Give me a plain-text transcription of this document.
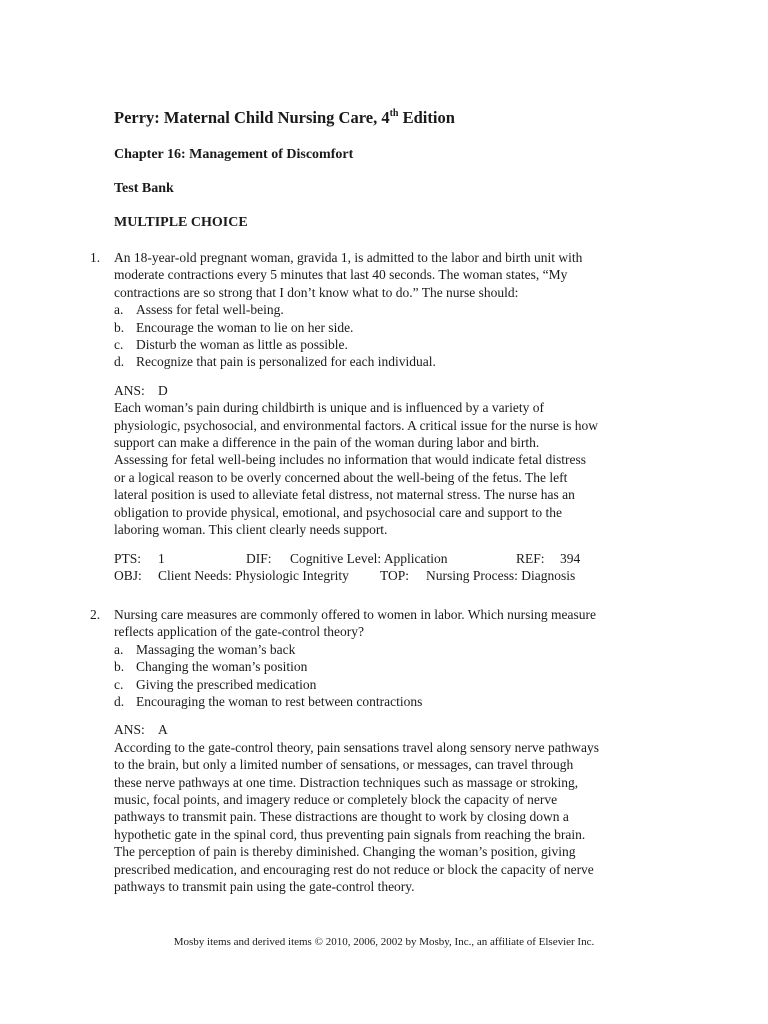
Perry: Maternal Child Nursing Care, 4th Edition
Chapter 16: Management of Discomfort
Test Bank
MULTIPLE CHOICE
1. An 18-year-old pregnant woman, gravida 1, is admitted to the labor and birth unit with
moderate contractions every 5 minutes that last 40 seconds. The woman states, “My
contractions are so strong that I don’t know what to do.” The nurse should:
a. Assess for fetal well-being.
b. Encourage the woman to lie on her side.
c. Disturb the woman as little as possible.
d. Recognize that pain is personalized for each individual.
ANS: D
Each woman’s pain during childbirth is unique and is influenced by a variety of
physiologic, psychosocial, and environmental factors. A critical issue for the nurse is how
support can make a difference in the pain of the woman during labor and birth.
Assessing for fetal well-being includes no information that would indicate fetal distress
or a logical reason to be overly concerned about the well-being of the fetus. The left
lateral position is used to alleviate fetal distress, not maternal stress. The nurse has an
obligation to provide physical, emotional, and psychosocial care and support to the
laboring woman. This client clearly needs support.
PTS: 1	DIF: Cognitive Level: Application	REF: 394
OBJ: Client Needs: Physiologic Integrity TOP: Nursing Process: Diagnosis
2. Nursing care measures are commonly offered to women in labor. Which nursing measure
reflects application of the gate-control theory?
a. Massaging the woman’s back
b. Changing the woman’s position
c. Giving the prescribed medication
d. Encouraging the woman to rest between contractions
ANS: A
According to the gate-control theory, pain sensations travel along sensory nerve pathways
to the brain, but only a limited number of sensations, or messages, can travel through
these nerve pathways at one time. Distraction techniques such as massage or stroking,
music, focal points, and imagery reduce or completely block the capacity of nerve
pathways to transmit pain. These distractions are thought to work by closing down a
hypothetic gate in the spinal cord, thus preventing pain signals from reaching the brain.
The perception of pain is thereby diminished. Changing the woman’s position, giving
prescribed medication, and encouraging rest do not reduce or block the capacity of nerve
pathways to transmit pain using the gate-control theory.
Mosby items and derived items © 2010, 2006, 2002 by Mosby, Inc., an affiliate of Elsevier Inc.
